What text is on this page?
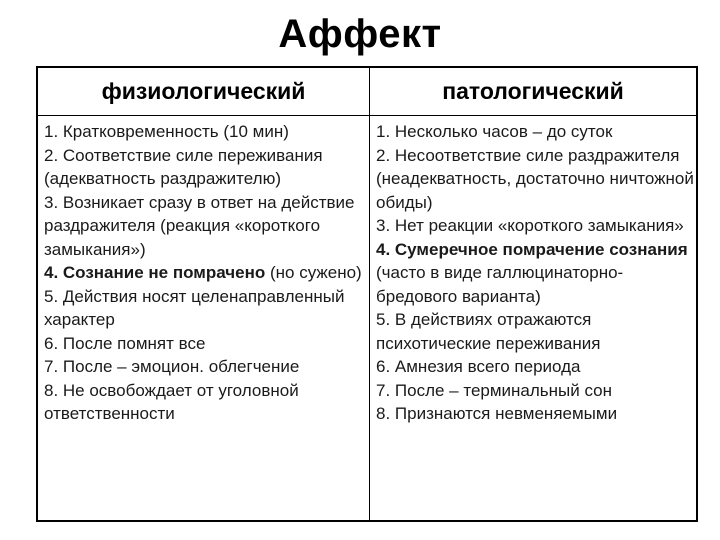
Аффект
физиологический	патологический

1. Кратковременность (10 мин)

2. Соответствие силе переживания (адекватность раздражителю)

3. Возникает сразу в ответ на действие раздражителя (реакция «короткого замыкания»)

4. Сознание не помрачено (но сужено)

5. Действия носят целенаправленный характер

6. После помнят все

7. После – эмоцион. облегчение

8. Не освобождает от уголовной ответственности

1. Несколько часов – до суток

2. Несоответствие силе раздражителя (неадекватность, достаточно ничтожной обиды)

3. Нет реакции «короткого замыкания»

4. Сумеречное помрачение сознания (часто в виде галлюцинаторно-бредового варианта)

5. В действиях отражаются психотические переживания

6. Амнезия всего периода

7. После – терминальный сон

8. Признаются невменяемыми
